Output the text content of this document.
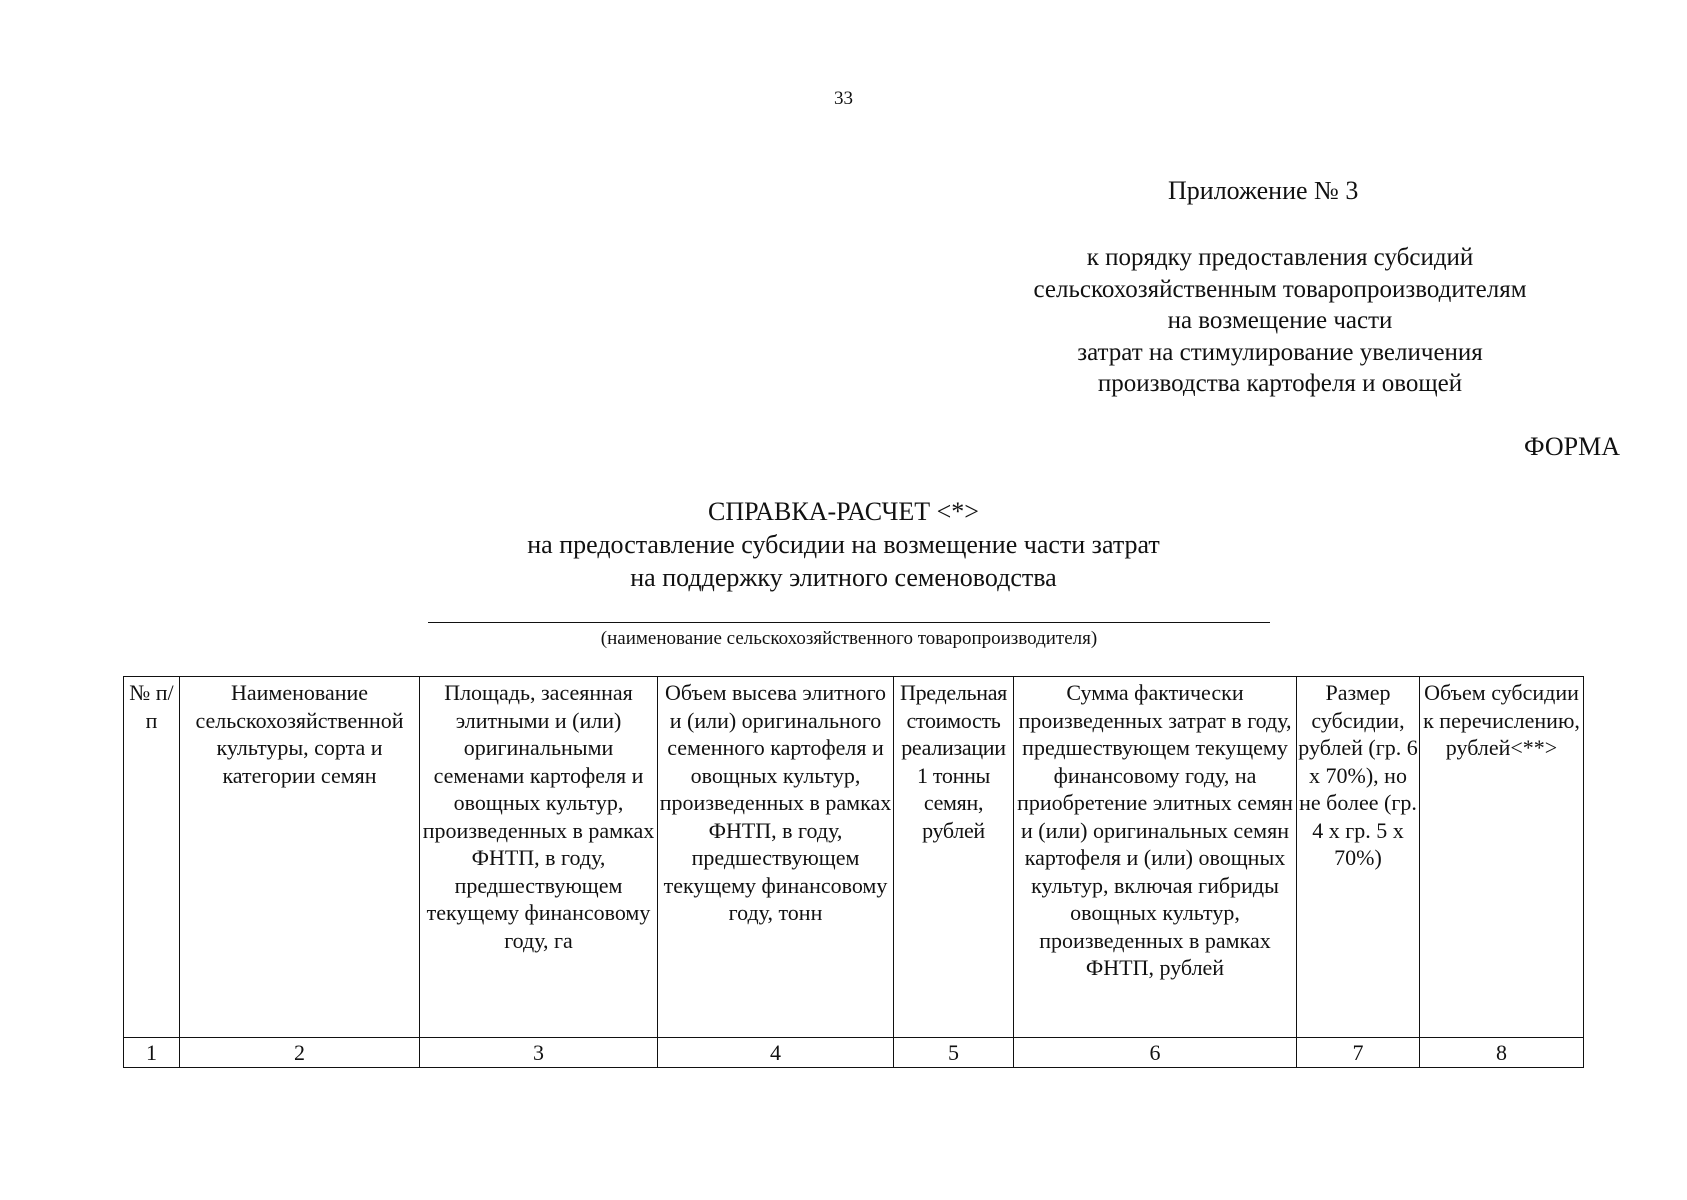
33
Приложение № 3
к порядку предоставления субсидий
сельскохозяйственным товаропроизводителям
на возмещение части
затрат на стимулирование увеличения
производства картофеля и овощей
ФОРМА
СПРАВКА-РАСЧЕТ <*>
на предоставление субсидии на возмещение части затрат
на поддержку элитного семеноводства
(наименование сельскохозяйственного товаропроизводителя)
№ п/п	Наименование сельскохозяйственной культуры, сорта и категории семян	Площадь, засеянная элитными и (или) оригинальными семенами картофеля и овощных культур, произведенных в рамках ФНТП, в году, предшествующем текущему финансовому году, га	Объем высева элитного и (или) оригинального семенного картофеля и овощных культур, произведенных в рамках ФНТП, в году, предшествующем текущему финансовому году, тонн	Предельная стоимость реализации 1 тонны семян, рублей	Сумма фактически произведенных затрат в году, предшествующем текущему финансовому году, на приобретение элитных семян и (или) оригинальных семян картофеля и (или) овощных культур, включая гибриды овощных культур, произведенных в рамках ФНТП, рублей	Размер субсидии, рублей (гр. 6 x 70%), но не более (гр. 4 x гр. 5 x 70%)	Объем субсидии к перечислению, рублей<**>
1	2	3	4	5	6	7	8
